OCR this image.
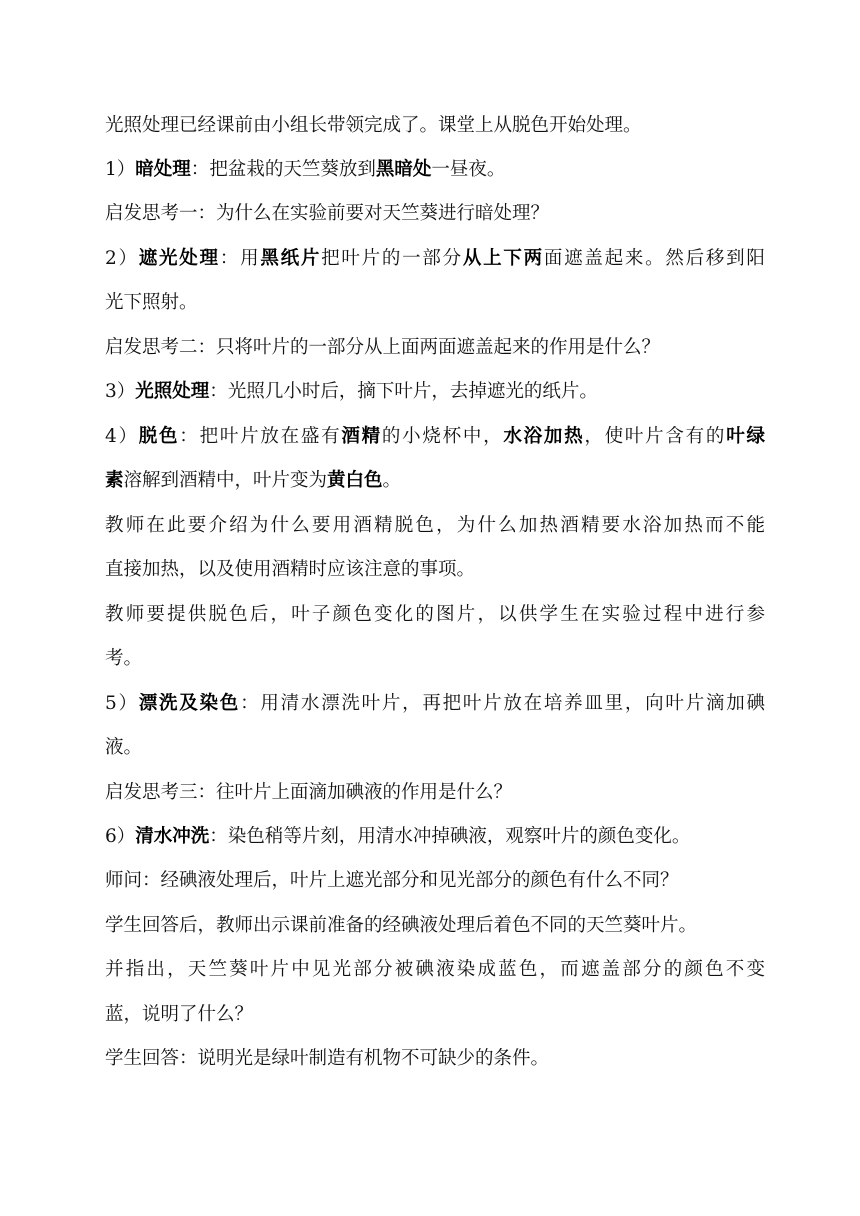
光照处理已经课前由小组长带领完成了。课堂上从脱色开始处理。
1）暗处理：把盆栽的天竺葵放到黑暗处一昼夜。
启发思考一：为什么在实验前要对天竺葵进行暗处理？
2）遮光处理：用黑纸片把叶片的一部分从上下两面遮盖起来。然后移到阳
光下照射。
启发思考二：只将叶片的一部分从上面两面遮盖起来的作用是什么？
3）光照处理：光照几小时后，摘下叶片，去掉遮光的纸片。
4）脱色：把叶片放在盛有酒精的小烧杯中，水浴加热，使叶片含有的叶绿
素溶解到酒精中，叶片变为黄白色。
教师在此要介绍为什么要用酒精脱色，为什么加热酒精要水浴加热而不能
直接加热，以及使用酒精时应该注意的事项。
教师要提供脱色后，叶子颜色变化的图片，以供学生在实验过程中进行参
考。
5）漂洗及染色：用清水漂洗叶片，再把叶片放在培养皿里，向叶片滴加碘
液。
启发思考三：往叶片上面滴加碘液的作用是什么？
6）清水冲洗：染色稍等片刻，用清水冲掉碘液，观察叶片的颜色变化。
师问：经碘液处理后，叶片上遮光部分和见光部分的颜色有什么不同？
学生回答后，教师出示课前准备的经碘液处理后着色不同的天竺葵叶片。
并指出，天竺葵叶片中见光部分被碘液染成蓝色，而遮盖部分的颜色不变
蓝，说明了什么？
学生回答：说明光是绿叶制造有机物不可缺少的条件。
